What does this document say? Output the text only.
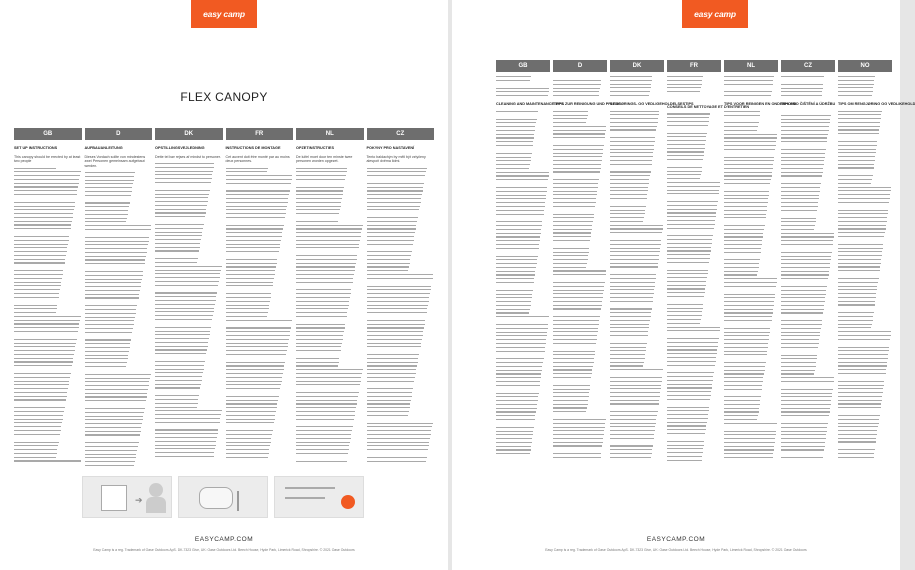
easy camp
FLEX CANOPY
GB
SET UP INSTRUCTIONS
This canopy should be erected by at least two people
D
AUFBAUANLEITUNG
Dieses Vordach sollte von mindestens zwei Personen gemeinsam aufgebaut werden.
DK
OPSTILLINGSVEJLEDNING
Dette tel bør rejses af mindst to personer.
FR
INSTRUCTIONS DE MONTAGE
Cet auvent doit être monté par au moins deux personnes.
NL
OPZETINSTRUCTIES
De luifel moet door ten minste twee personen worden opgezet.
CZ
POKYNY PRO NASTAVENÍ
Tento baldachýn by měli být vztyčeny alespoň dvěma lidmi.
➔
EASYCAMP.COM
Easy Camp is a reg. Trademark of Oase Outdoors ApS. DK-7323 Give, UK: Oase Outdoors Ltd. Beech House, Hyde Park, Limerick Road, Shropshire. © 2021 Oase Outdoors
easy camp
GB
CLEANING AND MAINTENANCE TIPS
D
TIPPS ZUR REINIGUNG UND PFLEGE
DK
RENGØRINGS- OG VEDLIGEHOLDELSESTIPS
FR
CONSEILS DE NETTOYAGE ET D'ENTRETIEN
NL
TIPS VOOR REINIGEN EN ONDERHOUD
CZ
TIPY PRO ČIŠTĚNÍ A ÚDRŽBU
NO
TIPS OM RENGJØRING OG VEDLIKEHOLD
EASYCAMP.COM
Easy Camp is a reg. Trademark of Oase Outdoors ApS. DK-7323 Give, UK: Oase Outdoors Ltd. Beech House, Hyde Park, Limerick Road, Shropshire. © 2021 Oase Outdoors
